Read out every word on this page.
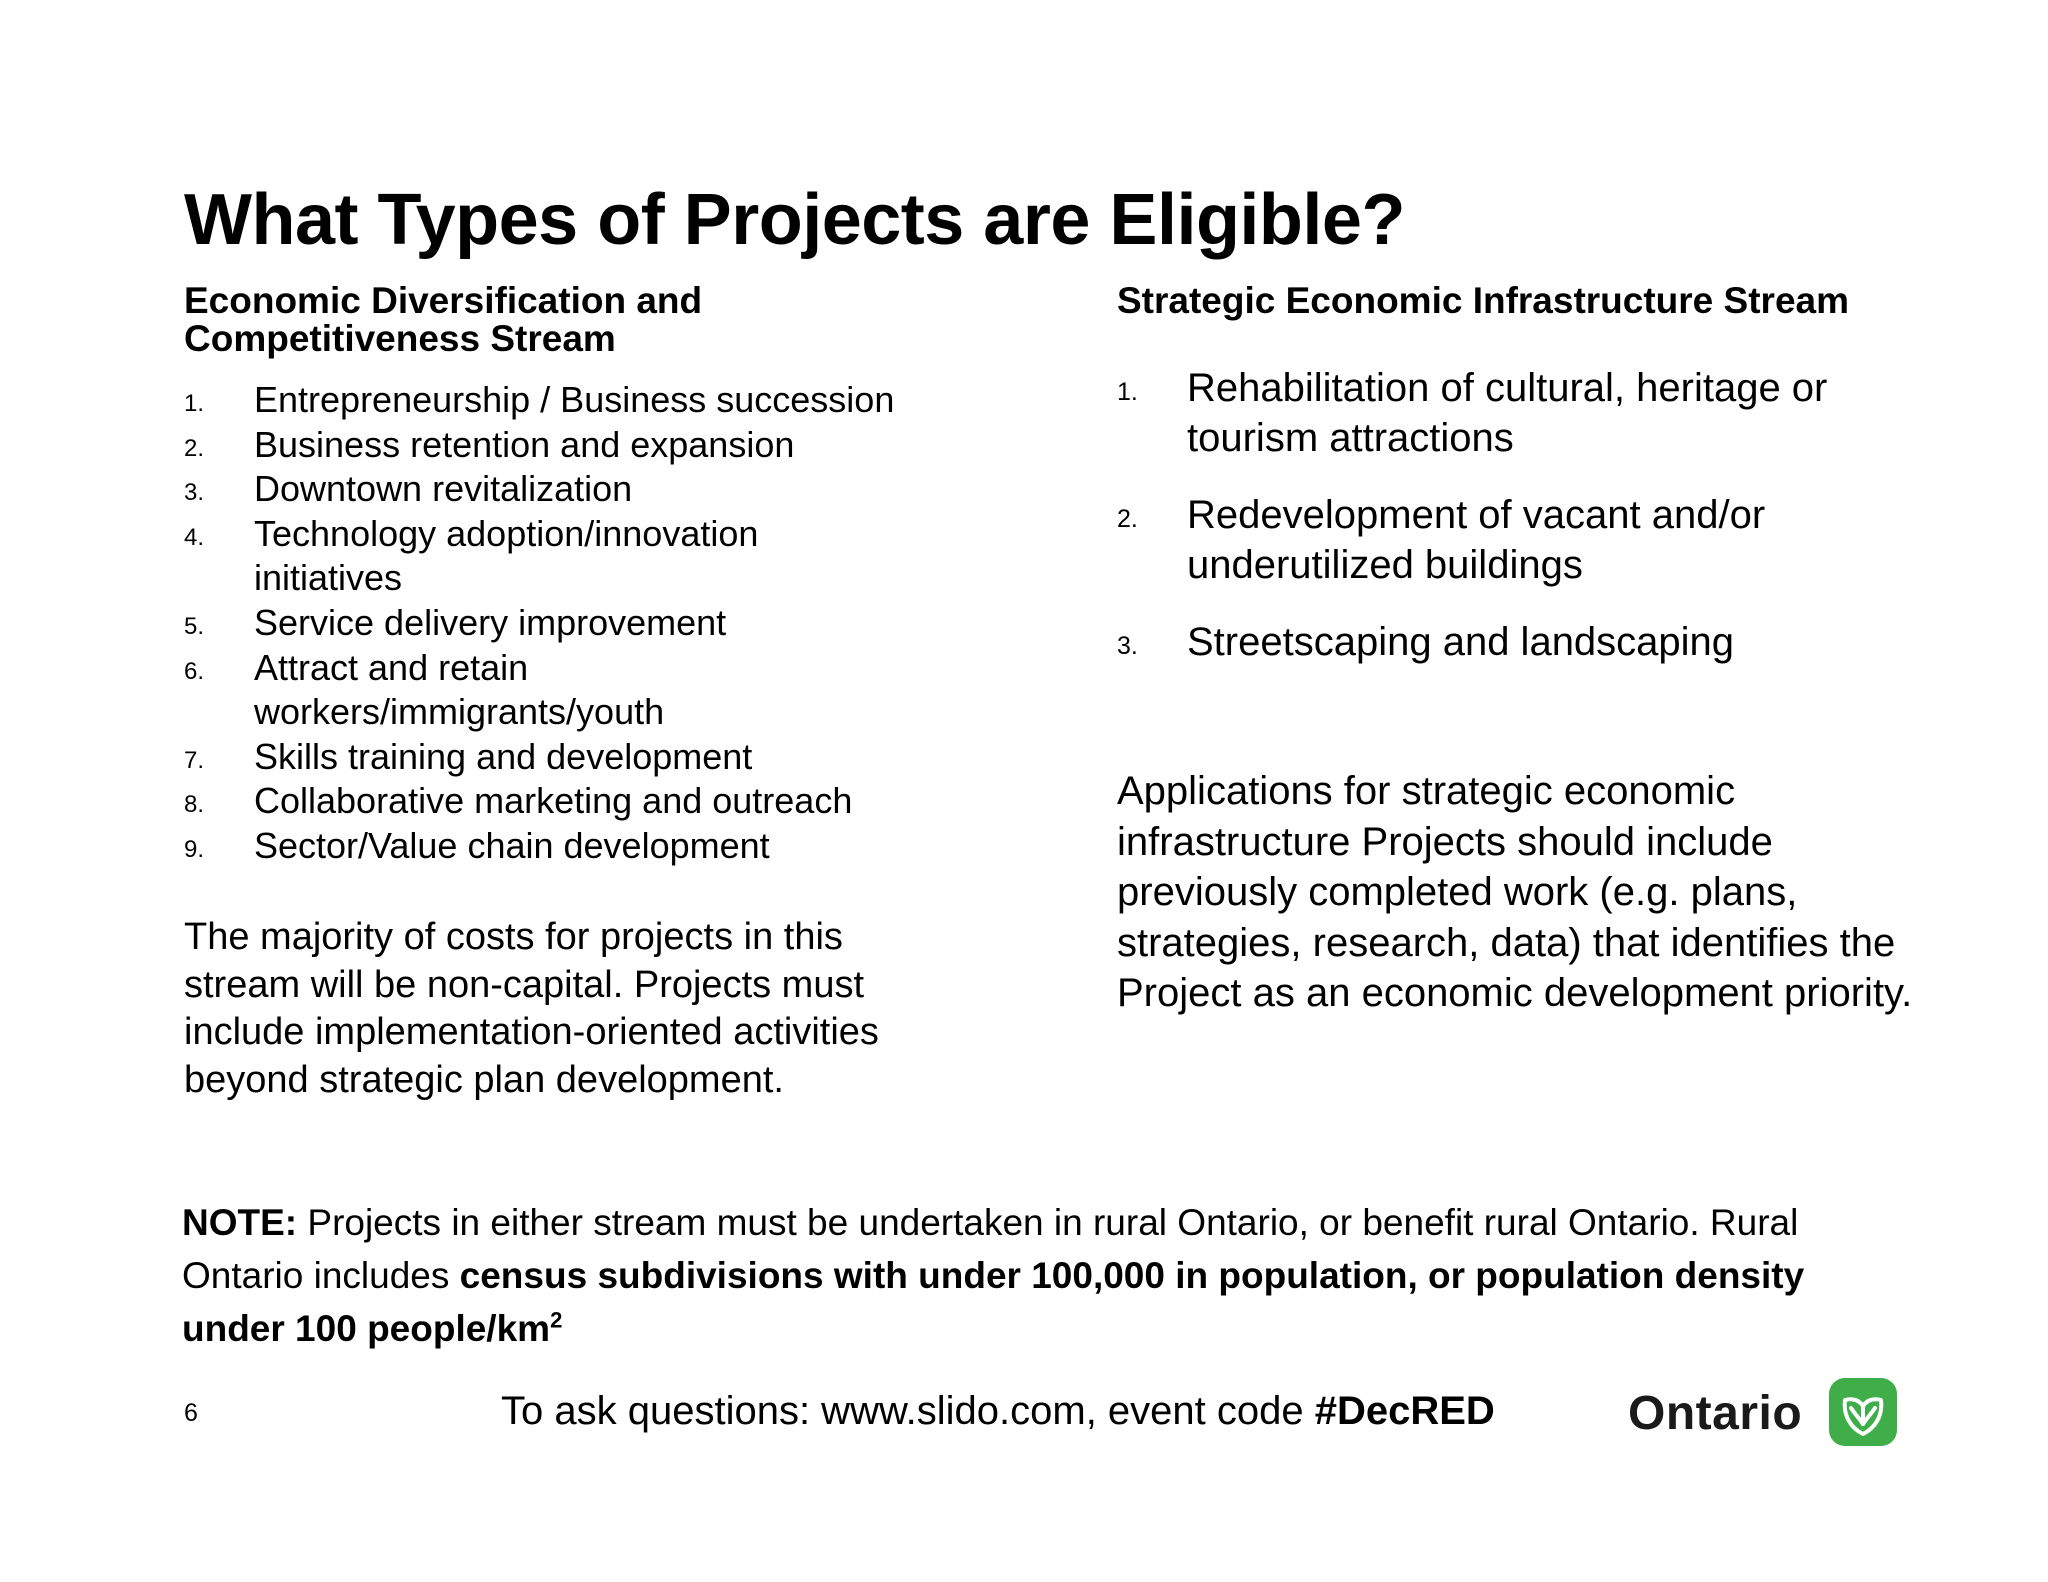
What Types of Projects are Eligible?
Economic Diversification and
Competitiveness Stream
Strategic Economic Infrastructure Stream
1. Entrepreneurship / Business succession
2. Business retention and expansion
3. Downtown revitalization
4. Technology adoption/innovation initiatives
5. Service delivery improvement
6. Attract and retain workers/immigrants/youth
7. Skills training and development
8. Collaborative marketing and outreach
9. Sector/Value chain development
The majority of costs for projects in this stream will be non-capital. Projects must include implementation-oriented activities beyond strategic plan development.
1. Rehabilitation of cultural, heritage or tourism attractions
2. Redevelopment of vacant and/or underutilized buildings
3. Streetscaping and landscaping
Applications for strategic economic infrastructure Projects should include previously completed work (e.g. plans, strategies, research, data) that identifies the Project as an economic development priority.
NOTE: Projects in either stream must be undertaken in rural Ontario, or benefit rural Ontario. Rural Ontario includes census subdivisions with under 100,000 in population, or population density under 100 people/$km^2$
6	To ask questions: www.slido.com, event code #DecRED	Ontario
